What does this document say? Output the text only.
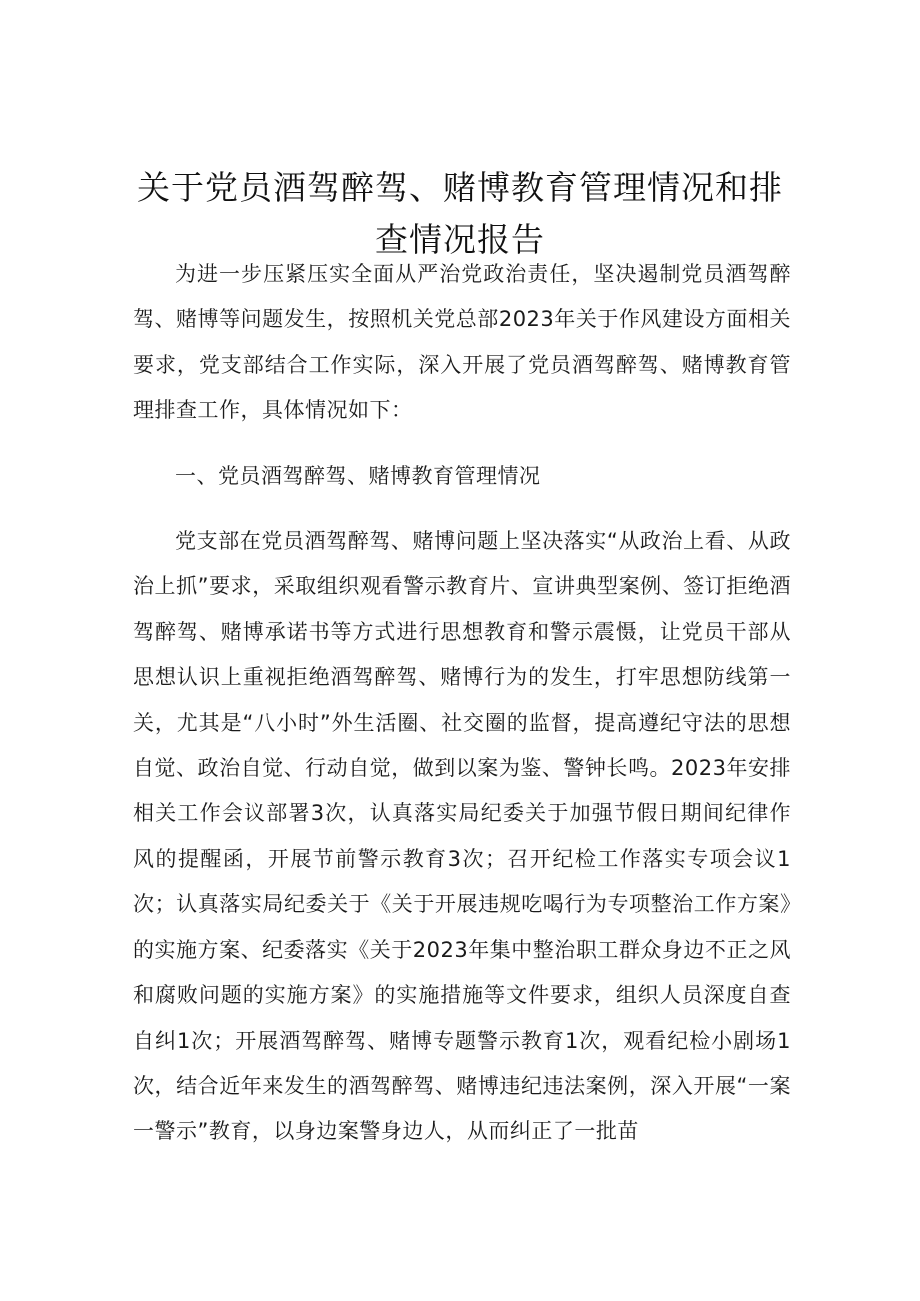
关于党员酒驾醉驾、赌博教育管理情况和排
查情况报告

为进一步压紧压实全面从严治党政治责任，坚决遏制党员酒驾醉驾、赌博等问题发生，按照机关党总部2023年关于作风建设方面相关要求，党支部结合工作实际，深入开展了党员酒驾醉驾、赌博教育管理排查工作，具体情况如下：

一、党员酒驾醉驾、赌博教育管理情况

党支部在党员酒驾醉驾、赌博问题上坚决落实“从政治上看、从政治上抓”要求，采取组织观看警示教育片、宣讲典型案例、签订拒绝酒驾醉驾、赌博承诺书等方式进行思想教育和警示震慑，让党员干部从思想认识上重视拒绝酒驾醉驾、赌博行为的发生，打牢思想防线第一关，尤其是“八小时”外生活圈、社交圈的监督，提高遵纪守法的思想自觉、政治自觉、行动自觉，做到以案为鉴、警钟长鸣。2023年安排相关工作会议部署3次，认真落实局纪委关于加强节假日期间纪律作风的提醒函，开展节前警示教育3次；召开纪检工作落实专项会议1次；认真落实局纪委关于《关于开展违规吃喝行为专项整治工作方案》的实施方案、纪委落实《关于2023年集中整治职工群众身边不正之风和腐败问题的实施方案》的实施措施等文件要求，组织人员深度自查自纠1次；开展酒驾醉驾、赌博专题警示教育1次，观看纪检小剧场1次，结合近年来发生的酒驾醉驾、赌博违纪违法案例，深入开展“一案一警示”教育，以身边案警身边人，从而纠正了一批苗
